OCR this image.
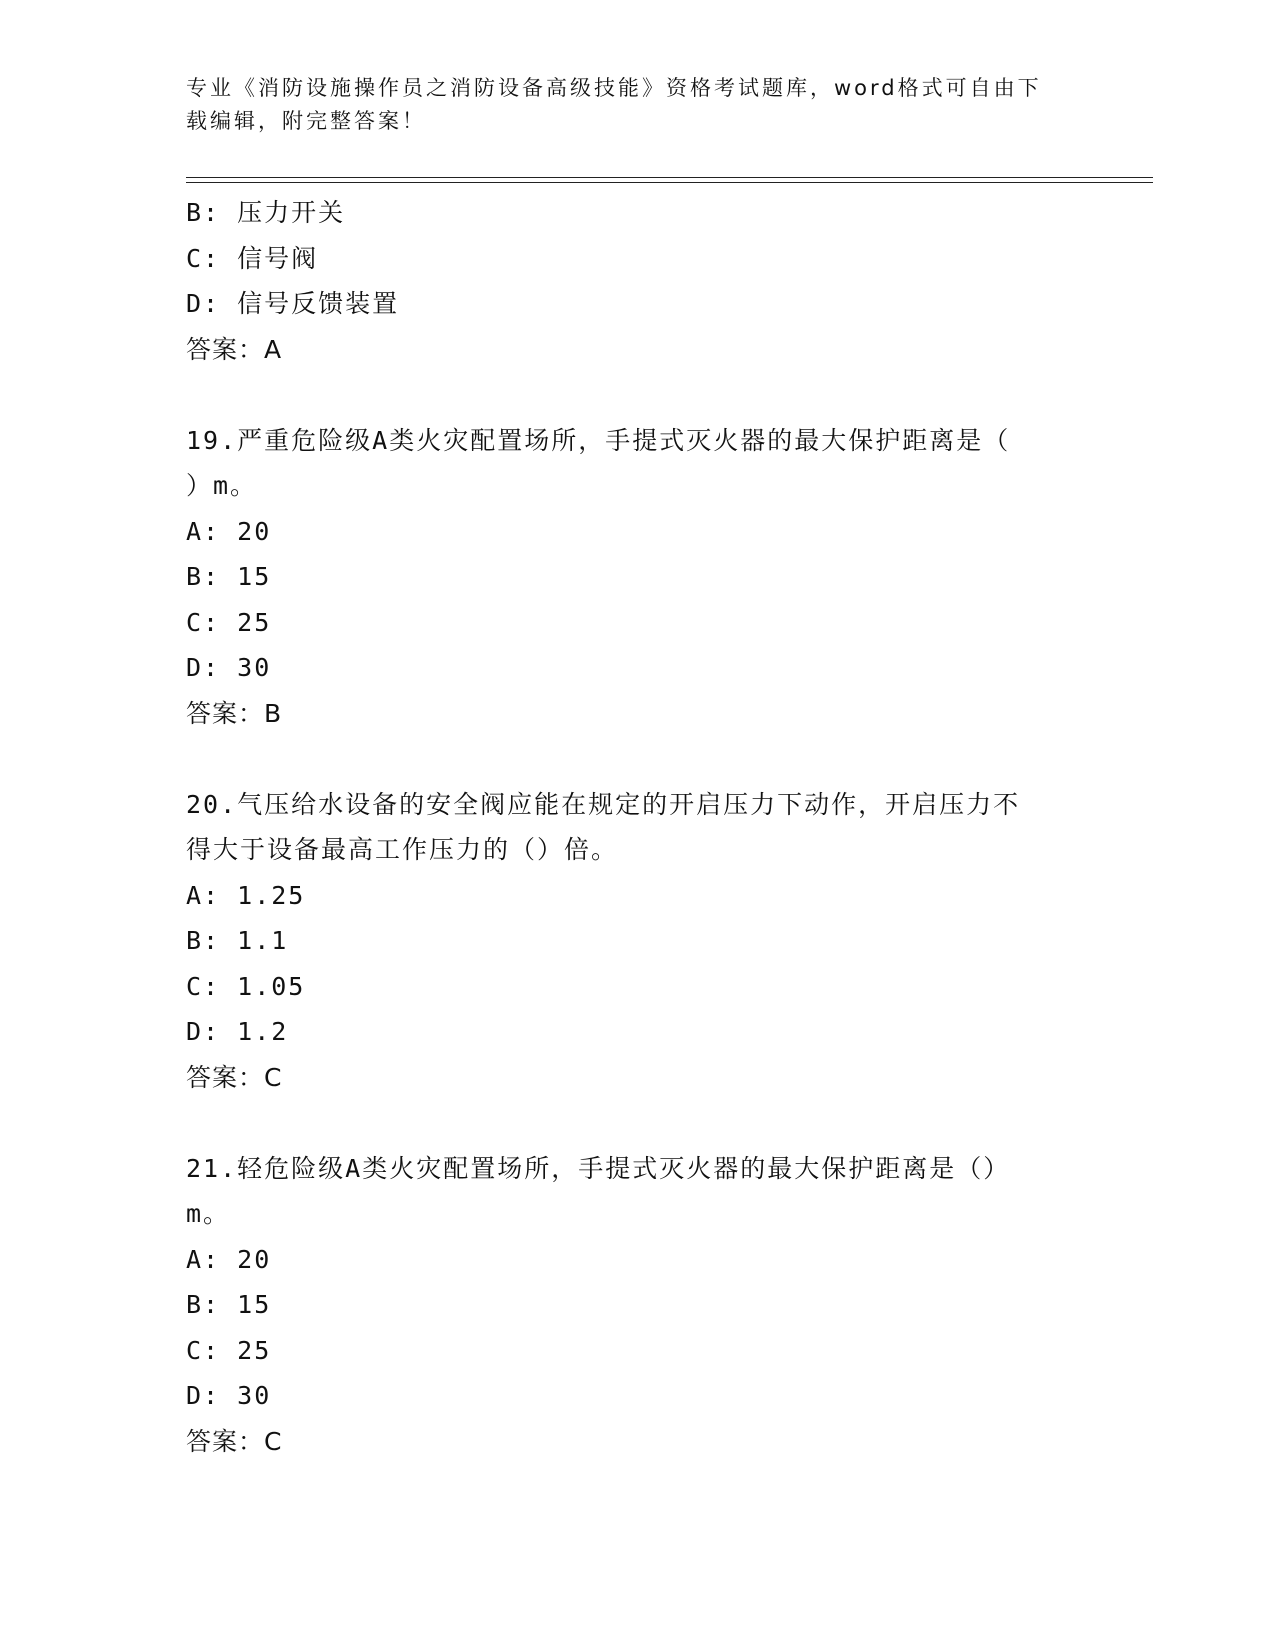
专业《消防设施操作员之消防设备高级技能》资格考试题库，word格式可自由下
载编辑，附完整答案！
B: 压力开关
C: 信号阀
D: 信号反馈装置
答案：A
19.严重危险级A类火灾配置场所，手提式灭火器的最大保护距离是（
）m。
A: 20
B: 15
C: 25
D: 30
答案：B
20.气压给水设备的安全阀应能在规定的开启压力下动作，开启压力不
得大于设备最高工作压力的（）倍。
A: 1.25
B: 1.1
C: 1.05
D: 1.2
答案：C
21.轻危险级A类火灾配置场所，手提式灭火器的最大保护距离是（）
m。
A: 20
B: 15
C: 25
D: 30
答案：C
